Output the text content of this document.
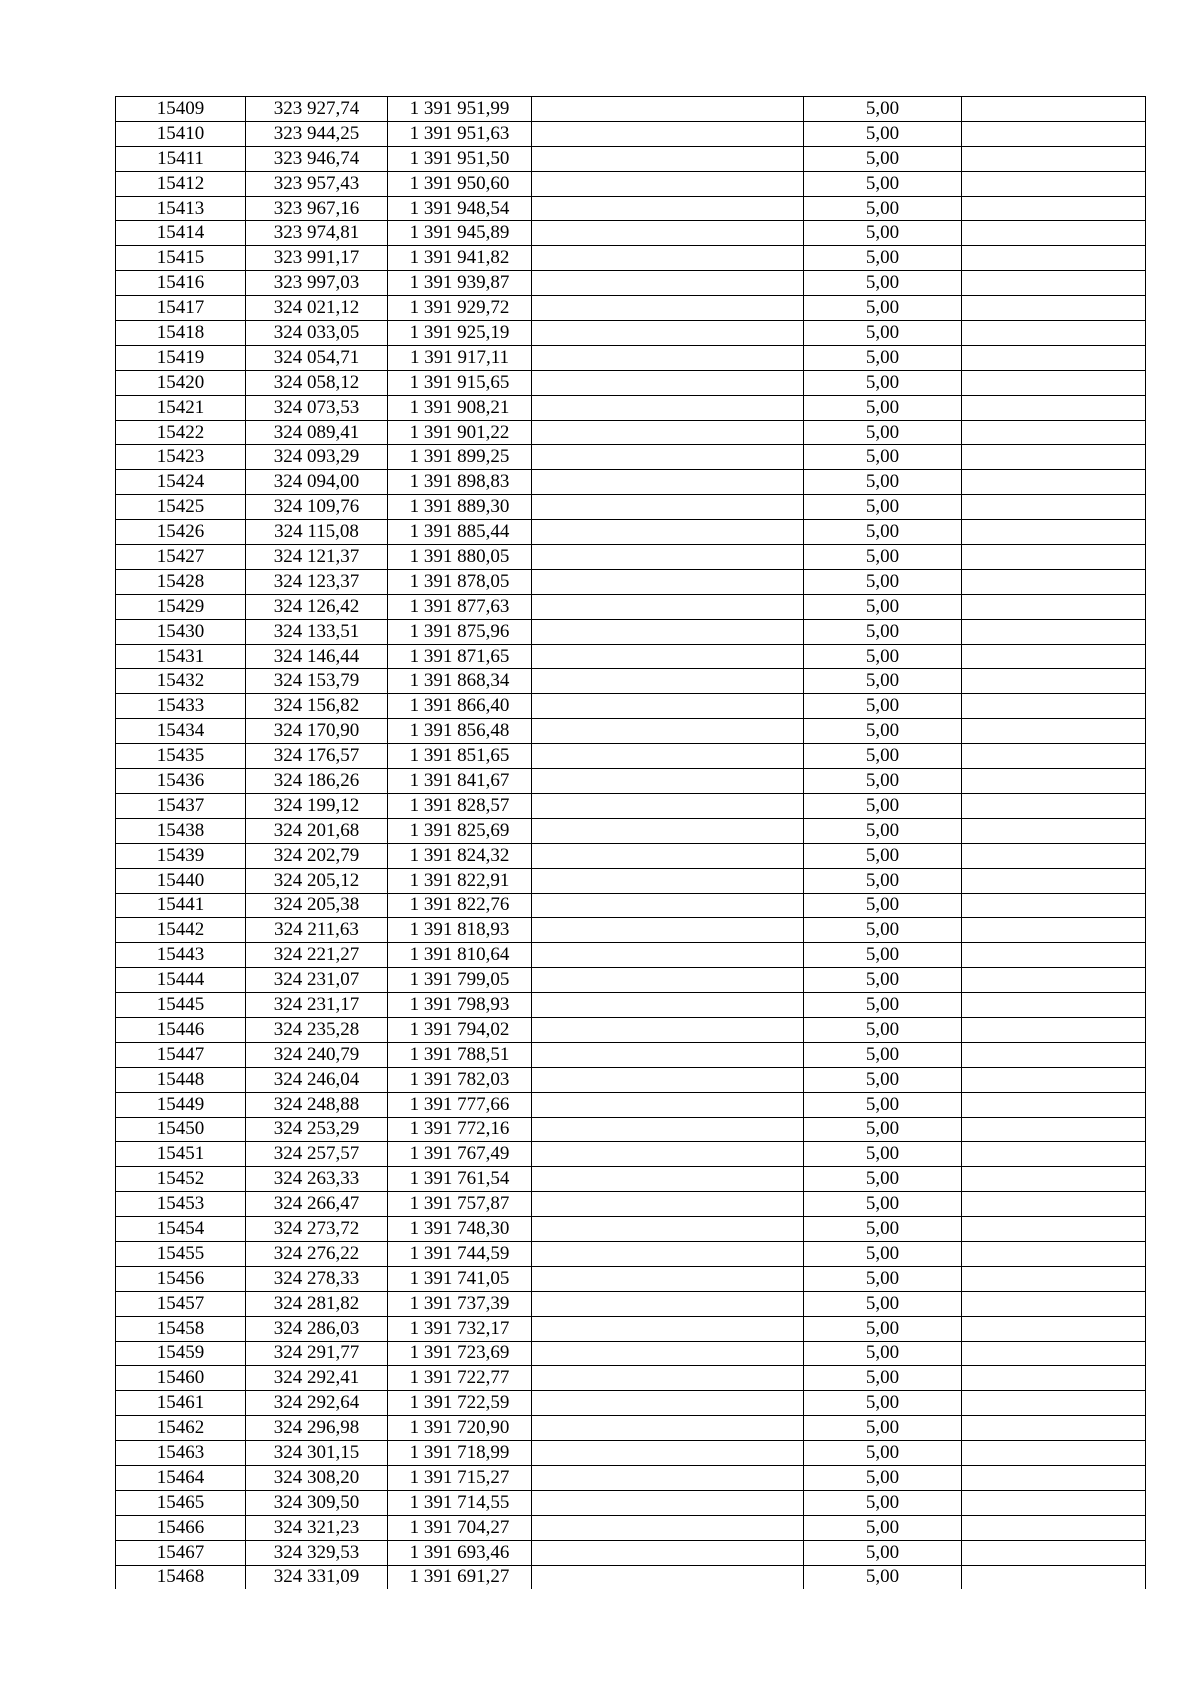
15409	323 927,74	1 391 951,99		5,00	
15410	323 944,25	1 391 951,63		5,00	
15411	323 946,74	1 391 951,50		5,00	
15412	323 957,43	1 391 950,60		5,00	
15413	323 967,16	1 391 948,54		5,00	
15414	323 974,81	1 391 945,89		5,00	
15415	323 991,17	1 391 941,82		5,00	
15416	323 997,03	1 391 939,87		5,00	
15417	324 021,12	1 391 929,72		5,00	
15418	324 033,05	1 391 925,19		5,00	
15419	324 054,71	1 391 917,11		5,00	
15420	324 058,12	1 391 915,65		5,00	
15421	324 073,53	1 391 908,21		5,00	
15422	324 089,41	1 391 901,22		5,00	
15423	324 093,29	1 391 899,25		5,00	
15424	324 094,00	1 391 898,83		5,00	
15425	324 109,76	1 391 889,30		5,00	
15426	324 115,08	1 391 885,44		5,00	
15427	324 121,37	1 391 880,05		5,00	
15428	324 123,37	1 391 878,05		5,00	
15429	324 126,42	1 391 877,63		5,00	
15430	324 133,51	1 391 875,96		5,00	
15431	324 146,44	1 391 871,65		5,00	
15432	324 153,79	1 391 868,34		5,00	
15433	324 156,82	1 391 866,40		5,00	
15434	324 170,90	1 391 856,48		5,00	
15435	324 176,57	1 391 851,65		5,00	
15436	324 186,26	1 391 841,67		5,00	
15437	324 199,12	1 391 828,57		5,00	
15438	324 201,68	1 391 825,69		5,00	
15439	324 202,79	1 391 824,32		5,00	
15440	324 205,12	1 391 822,91		5,00	
15441	324 205,38	1 391 822,76		5,00	
15442	324 211,63	1 391 818,93		5,00	
15443	324 221,27	1 391 810,64		5,00	
15444	324 231,07	1 391 799,05		5,00	
15445	324 231,17	1 391 798,93		5,00	
15446	324 235,28	1 391 794,02		5,00	
15447	324 240,79	1 391 788,51		5,00	
15448	324 246,04	1 391 782,03		5,00	
15449	324 248,88	1 391 777,66		5,00	
15450	324 253,29	1 391 772,16		5,00	
15451	324 257,57	1 391 767,49		5,00	
15452	324 263,33	1 391 761,54		5,00	
15453	324 266,47	1 391 757,87		5,00	
15454	324 273,72	1 391 748,30		5,00	
15455	324 276,22	1 391 744,59		5,00	
15456	324 278,33	1 391 741,05		5,00	
15457	324 281,82	1 391 737,39		5,00	
15458	324 286,03	1 391 732,17		5,00	
15459	324 291,77	1 391 723,69		5,00	
15460	324 292,41	1 391 722,77		5,00	
15461	324 292,64	1 391 722,59		5,00	
15462	324 296,98	1 391 720,90		5,00	
15463	324 301,15	1 391 718,99		5,00	
15464	324 308,20	1 391 715,27		5,00	
15465	324 309,50	1 391 714,55		5,00	
15466	324 321,23	1 391 704,27		5,00	
15467	324 329,53	1 391 693,46		5,00	
15468	324 331,09	1 391 691,27		5,00	
